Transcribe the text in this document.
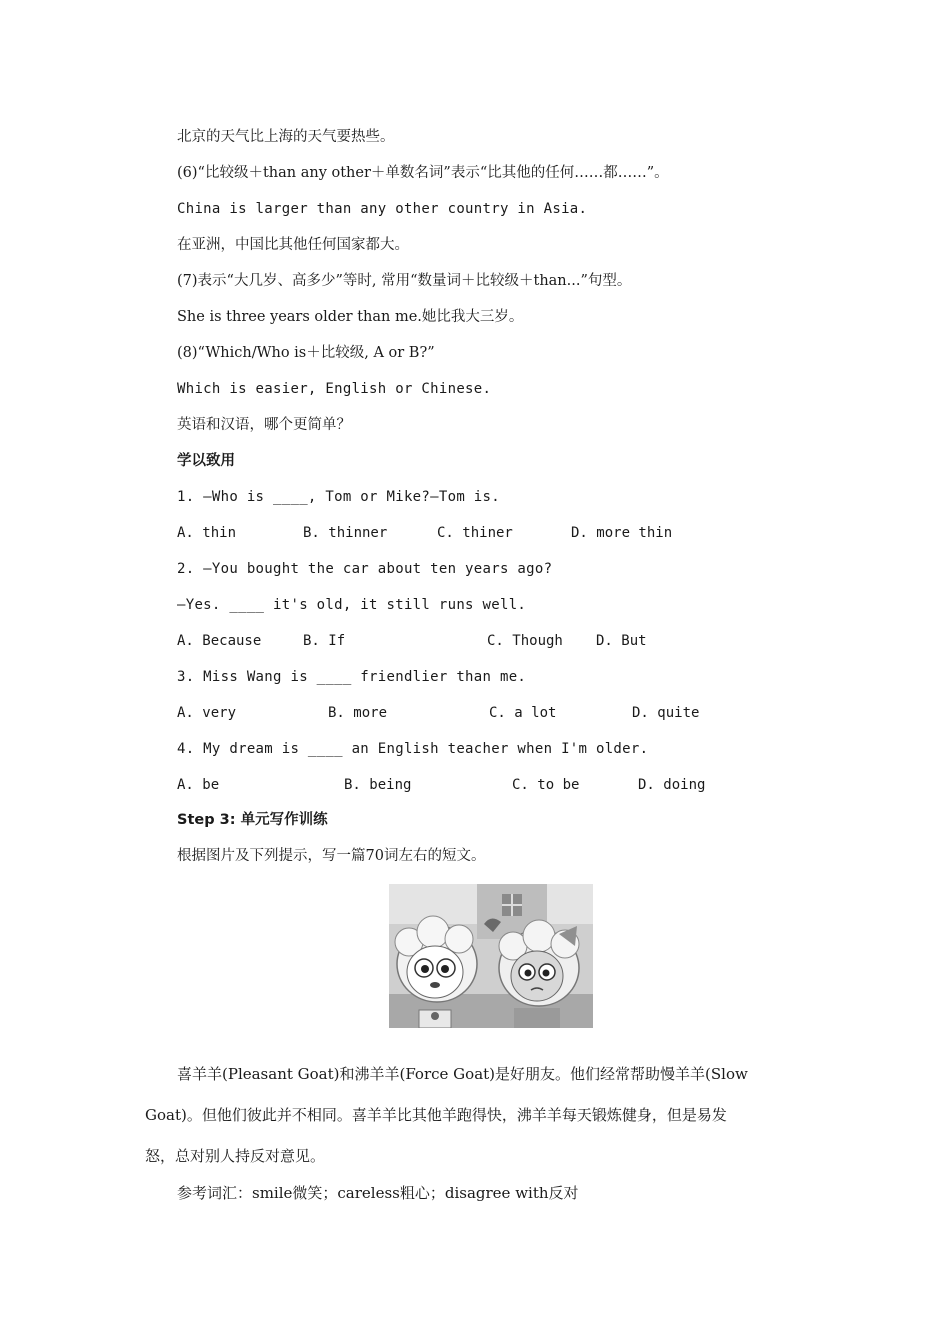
北京的天气比上海的天气要热些。
(6)“比较级＋than any other＋单数名词”表示“比其他的任何……都……”。
China is larger than any other country in Asia.
在亚洲，中国比其他任何国家都大。
(7)表示“大几岁、高多少”等时, 常用“数量词＋比较级＋than...”句型。
She is three years older than me.她比我大三岁。
(8)“Which/Who is＋比较级, A or B?”
Which is easier, English or Chinese.
英语和汉语，哪个更简单？
学以致用
1. —Who is ____, Tom or Mike?—Tom is.
A. thin	B. thinner	C. thiner	D. more thin
2. —You bought the car about ten years ago?
—Yes. ____ it's old, it still runs well.
A. Because	B. If	C. Though D. But
3. Miss Wang is ____ friendlier than me.
A. very	B. more	C. a lot	D. quite
4. My dream is ____ an English teacher when I'm older.
A. be	B. being	C. to be	D. doing
Step 3: 单元写作训练
根据图片及下列提示，写一篇70词左右的短文。
喜羊羊(Pleasant Goat)和沸羊羊(Force Goat)是好朋友。他们经常帮助慢羊羊(Slow
Goat)。但他们彼此并不相同。喜羊羊比其他羊跑得快，沸羊羊每天锻炼健身，但是易发
怒，总对别人持反对意见。
参考词汇：smile微笑；careless粗心；disagree with反对
